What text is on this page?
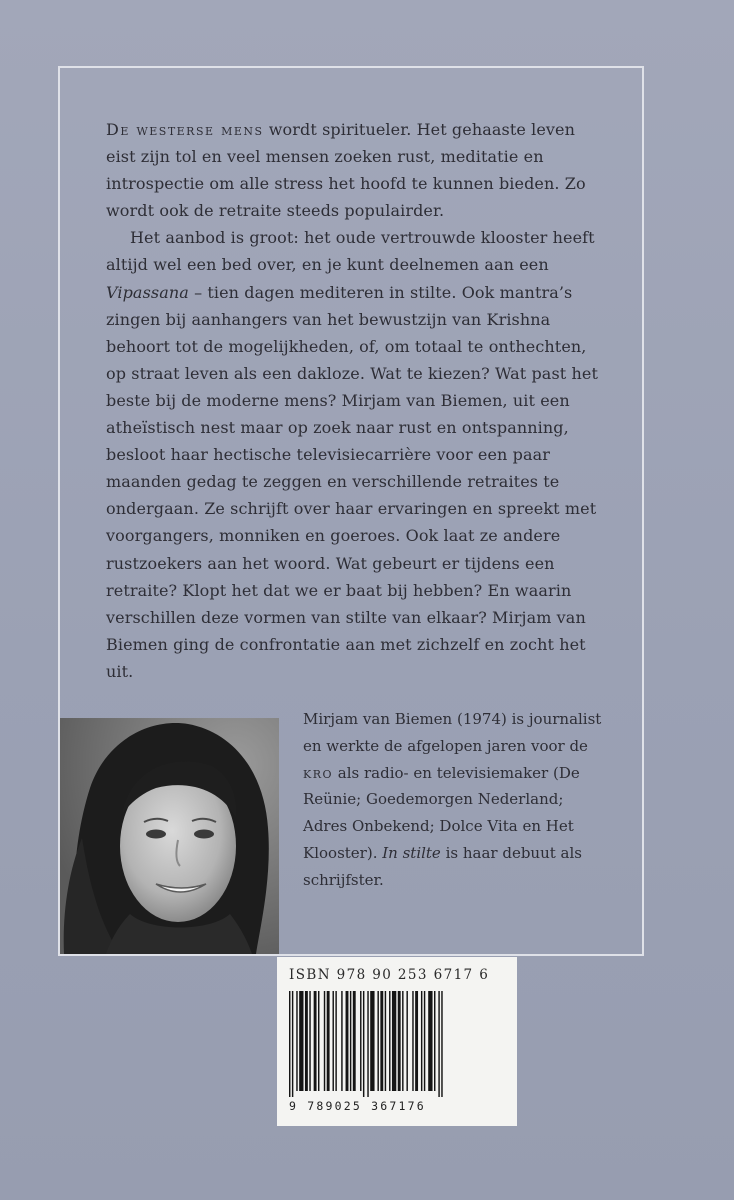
De westerse mens wordt spiritueler. Het gehaaste leven eist zijn tol en veel mensen zoeken rust, meditatie en introspectie om alle stress het hoofd te kunnen bieden. Zo wordt ook de retraite steeds populairder.

Het aanbod is groot: het oude vertrouwde klooster heeft altijd wel een bed over, en je kunt deelnemen aan een Vipassana – tien dagen mediteren in stilte. Ook mantra’s zingen bij aanhangers van het bewustzijn van Krishna behoort tot de mogelijkheden, of, om totaal te onthechten, op straat leven als een dakloze. Wat te kiezen? Wat past het beste bij de moderne mens? Mirjam van Biemen, uit een atheïstisch nest maar op zoek naar rust en ontspanning, besloot haar hectische televisiecarrière voor een paar maanden gedag te zeggen en verschillende retraites te ondergaan. Ze schrijft over haar ervaringen en spreekt met voorgangers, monniken en goeroes. Ook laat ze andere rustzoekers aan het woord. Wat gebeurt er tijdens een retraite? Klopt het dat we er baat bij hebben? En waarin verschillen deze vormen van stilte van elkaar? Mirjam van Biemen ging de confrontatie aan met zichzelf en zocht het uit.

Mirjam van Biemen (1974) is journalist en werkte de afgelopen jaren voor de kro als radio- en televisiemaker (De Reünie; Goedemorgen Nederland; Adres Onbekend; Dolce Vita en Het Klooster). In stilte is haar debuut als schrijfster.

ISBN 978 90 253 6717 6
9 789025 367176
